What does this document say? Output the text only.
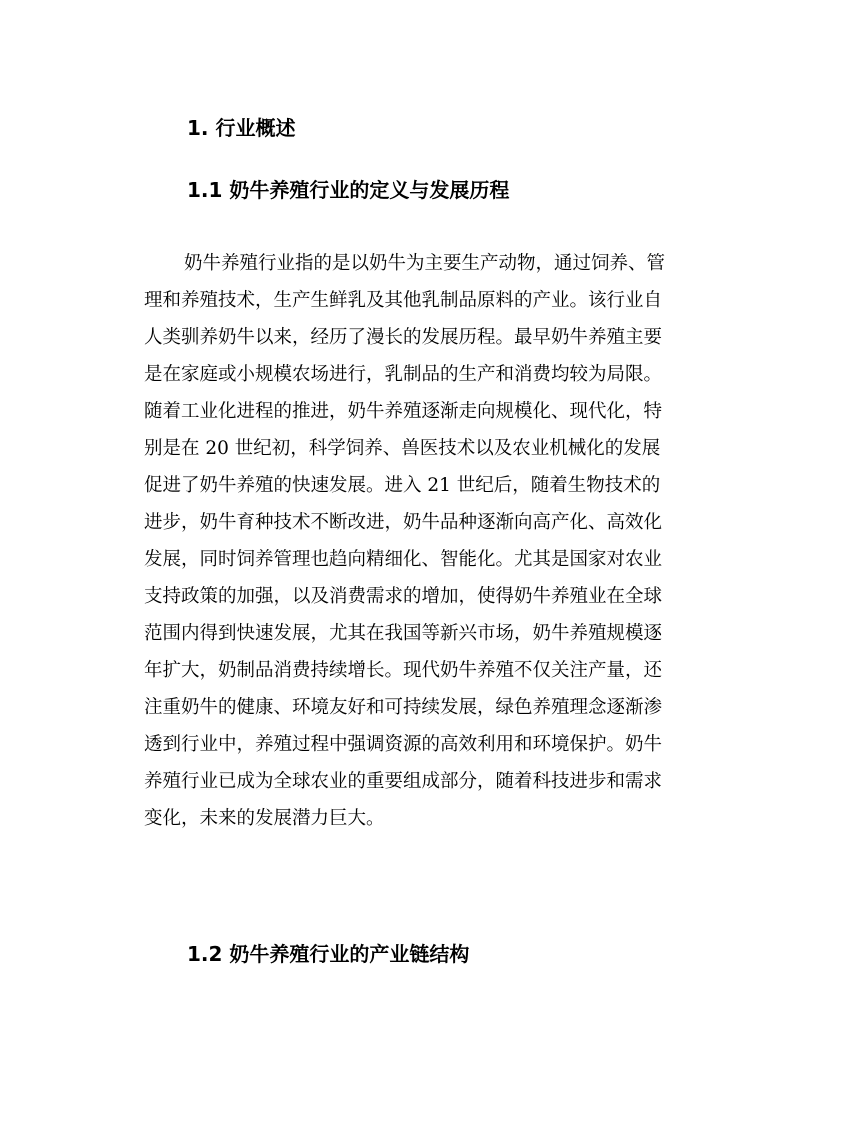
1. 行业概述
1.1 奶牛养殖行业的定义与发展历程
奶牛养殖行业指的是以奶牛为主要生产动物，通过饲养、管
理和养殖技术，生产生鲜乳及其他乳制品原料的产业。该行业自
人类驯养奶牛以来，经历了漫长的发展历程。最早奶牛养殖主要
是在家庭或小规模农场进行，乳制品的生产和消费均较为局限。
随着工业化进程的推进，奶牛养殖逐渐走向规模化、现代化，特
别是在 20 世纪初，科学饲养、兽医技术以及农业机械化的发展
促进了奶牛养殖的快速发展。进入 21 世纪后，随着生物技术的
进步，奶牛育种技术不断改进，奶牛品种逐渐向高产化、高效化
发展，同时饲养管理也趋向精细化、智能化。尤其是国家对农业
支持政策的加强，以及消费需求的增加，使得奶牛养殖业在全球
范围内得到快速发展，尤其在我国等新兴市场，奶牛养殖规模逐
年扩大，奶制品消费持续增长。现代奶牛养殖不仅关注产量，还
注重奶牛的健康、环境友好和可持续发展，绿色养殖理念逐渐渗
透到行业中，养殖过程中强调资源的高效利用和环境保护。奶牛
养殖行业已成为全球农业的重要组成部分，随着科技进步和需求
变化，未来的发展潜力巨大。
1.2 奶牛养殖行业的产业链结构
